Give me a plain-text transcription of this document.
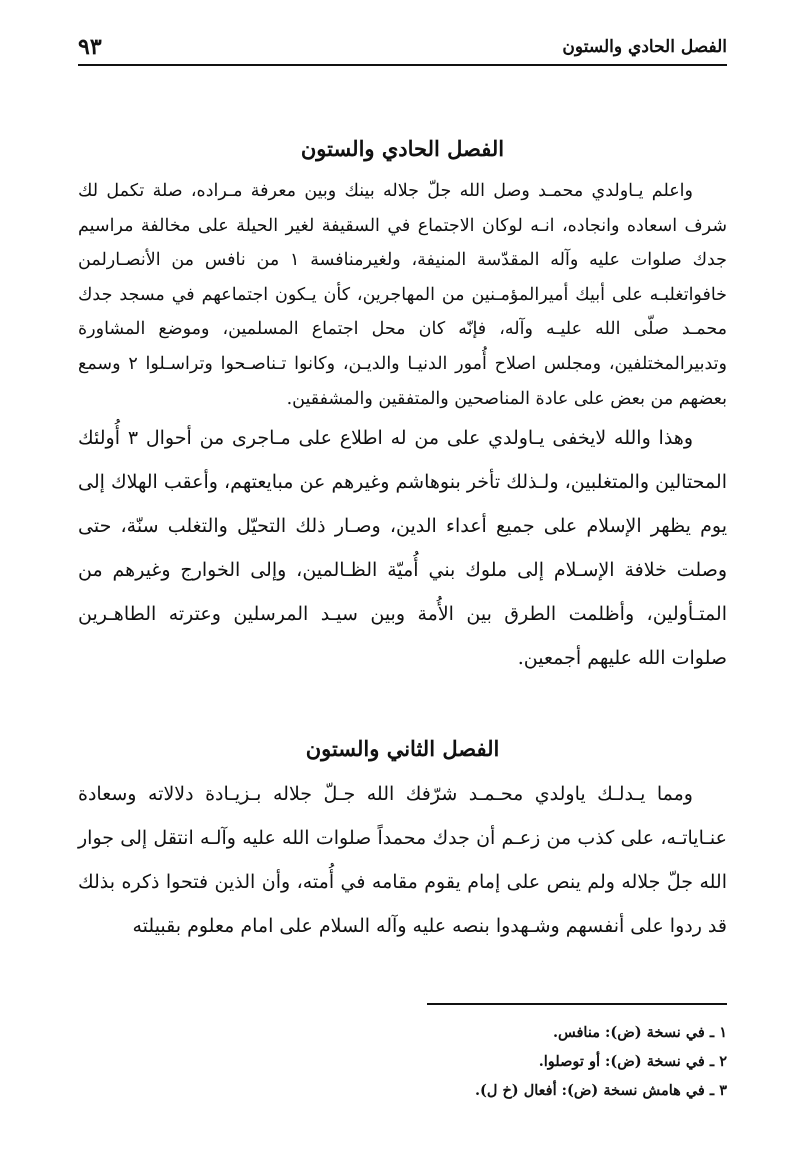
الفصل الحادي والستون
٩٣
الفصل الحادي والستون

واعلم يـاولدي محمـد وصل الله جلّ جلاله بينك وبين معرفة مـراده، صلة تكمل لك شرف اسعاده وانجاده، انـه لوكان الاجتماع في السقيفة لغير الحيلة على مخالفة مراسيم جدك صلوات عليه وآله المقدّسة المنيفة، ولغيرمنافسة ١ من نافس من الأنصـارلمن خافواتغلبـه على أبيك أميرالمؤمـنين من المهاجرين، كأن يـكون اجتماعهم في مسجد جدك محمـد صلّى الله عليـه وآله، فإنّه كان محل اجتماع المسلمين، وموضع المشاورة وتدبيرالمختلفين، ومجلس اصلاح أُمور الدنيـا والديـن، وكانوا تـناصـحوا وتراسـلوا ٢ وسمع بعضهم من بعض على عادة المناصحين والمتفقين والمشفقين.

وهذا والله لايخفى يـاولدي على من له اطلاع على مـاجرى من أحوال ٣ أُولئك المحتالين والمتغلبين، ولـذلك تأخر بنوهاشم وغيرهم عن مبايعتهم، وأعقب الهلاك إلى يوم يظهر الإسلام على جميع أعداء الدين، وصـار ذلك التحيّل والتغلب سنّة، حتى وصلت خلافة الإسـلام إلى ملوك بني أُميّة الظـالمين، وإلى الخوارج وغيرهم من المتـأولين، وأظلمت الطرق بين الأُمة وبين سيـد المرسلين وعترته الطاهـرين صلوات الله عليهم أجمعين.

الفصل الثاني والستون

ومما يـدلـك ياولدي محـمـد شرّفك الله جـلّ جلاله بـزيـادة دلالاته وسعادة عنـاياتـه، على كذب من زعـم أن جدك محمداً صلوات الله عليه وآلـه انتقل إلى جوار الله جلّ جلاله ولم ينص على إمام يقوم مقامه في أُمته، وأن الذين فتحوا ذكره بذلك قد ردوا على أنفسهم وشـهدوا بنصه عليه وآله السلام على امام معلوم بقبيلته

١ ـ في نسخة (ض): منافس.

٢ ـ في نسخة (ض): أو توصلوا.

٣ ـ في هامش نسخة (ض): أفعال (خ ل).
